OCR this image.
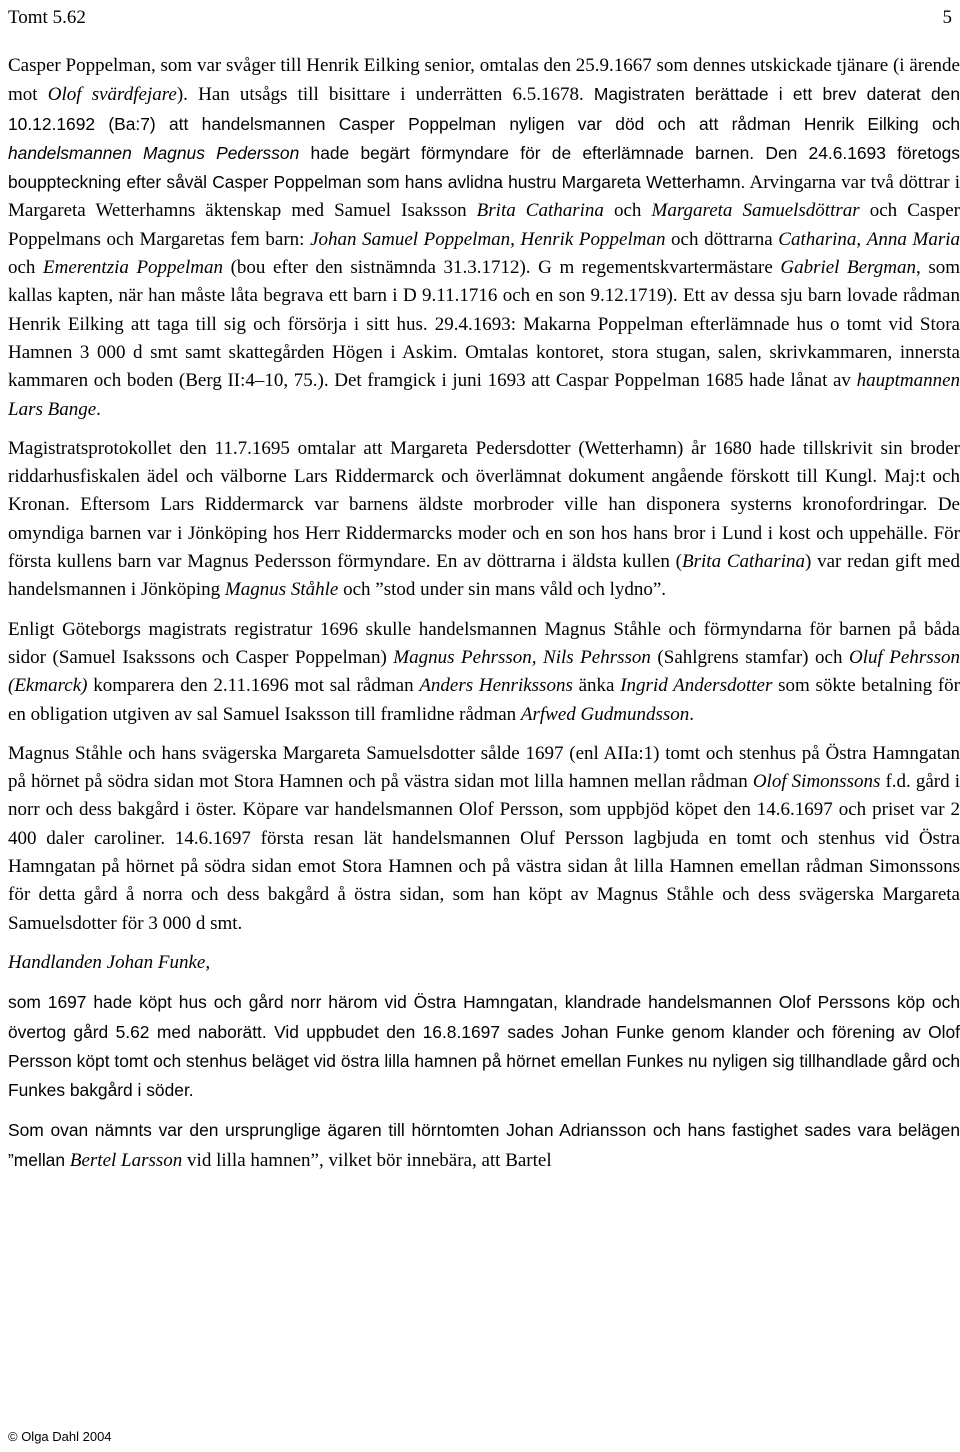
Tomt 5.62	5

Casper Poppelman, som var svåger till Henrik Eilking senior, omtalas den 25.9.1667 som dennes utskickade tjänare (i ärende mot Olof svärdfejare). Han utsågs till bisittare i underrätten 6.5.1678. Magistraten berättade i ett brev daterat den 10.12.1692 (Ba:7) att handelsmannen Casper Poppelman nyligen var död och att rådman Henrik Eilking och handelsmannen Magnus Pedersson hade begärt förmyndare för de efterlämnade barnen. Den 24.6.1693 företogs bouppteckning efter såväl Casper Poppelman som hans avlidna hustru Margareta Wetterhamn. Arvingarna var två döttrar i Margareta Wetterhamns äktenskap med Samuel Isaksson Brita Catharina och Margareta Samuelsdöttrar och Casper Poppelmans och Margaretas fem barn: Johan Samuel Poppelman, Henrik Poppelman och döttrarna Catharina, Anna Maria och Emerentzia Poppelman (bou efter den sistnämnda 31.3.1712). G m regementskvartermästare Gabriel Bergman, som kallas kapten, när han måste låta begrava ett barn i D 9.11.1716 och en son 9.12.1719). Ett av dessa sju barn lovade rådman Henrik Eilking att taga till sig och försörja i sitt hus. 29.4.1693: Makarna Poppelman efterlämnade hus o tomt vid Stora Hamnen 3 000 d smt samt skattegården Högen i Askim. Omtalas kontoret, stora stugan, salen, skrivkammaren, innersta kammaren och boden (Berg II:4–10, 75.). Det framgick i juni 1693 att Caspar Poppelman 1685 hade lånat av hauptmannen Lars Bange.

Magistratsprotokollet den 11.7.1695 omtalar att Margareta Pedersdotter (Wetterhamn) år 1680 hade tillskrivit sin broder riddarhusfiskalen ädel och välborne Lars Riddermarck och överlämnat dokument angående förskott till Kungl. Maj:t och Kronan. Eftersom Lars Riddermarck var barnens äldste morbroder ville han disponera systerns kronofordringar. De omyndiga barnen var i Jönköping hos Herr Riddermarcks moder och en son hos hans bror i Lund i kost och uppehälle. För första kullens barn var Magnus Pedersson förmyndare. En av döttrarna i äldsta kullen (Brita Catharina) var redan gift med handelsmannen i Jönköping Magnus Ståhle och ”stod under sin mans våld och lydno”.

Enligt Göteborgs magistrats registratur 1696 skulle handelsmannen Magnus Ståhle och förmyndarna för barnen på båda sidor (Samuel Isakssons och Casper Poppelman) Magnus Pehrsson, Nils Pehrsson (Sahlgrens stamfar) och Oluf Pehrsson (Ekmarck) komparera den 2.11.1696 mot sal rådman Anders Henrikssons änka Ingrid Andersdotter som sökte betalning för en obligation utgiven av sal Samuel Isaksson till framlidne rådman Arfwed Gudmundsson.

Magnus Ståhle och hans svägerska Margareta Samuelsdotter sålde 1697 (enl AIIa:1) tomt och stenhus på Östra Hamngatan på hörnet på södra sidan mot Stora Hamnen och på västra sidan mot lilla hamnen mellan rådman Olof Simonssons f.d. gård i norr och dess bakgård i öster. Köpare var handelsmannen Olof Persson, som uppbjöd köpet den 14.6.1697 och priset var 2 400 daler caroliner. 14.6.1697 första resan lät handelsmannen Oluf Persson lagbjuda en tomt och stenhus vid Östra Hamngatan på hörnet på södra sidan emot Stora Hamnen och på västra sidan åt lilla Hamnen emellan rådman Simonssons för detta gård å norra och dess bakgård å östra sidan, som han köpt av Magnus Ståhle och dess svägerska Margareta Samuelsdotter för 3 000 d smt.

Handlanden Johan Funke,

som 1697 hade köpt hus och gård norr härom vid Östra Hamngatan, klandrade handelsmannen Olof Perssons köp och övertog gård 5.62 med naborätt. Vid uppbudet den 16.8.1697 sades Johan Funke genom klander och förening av Olof Persson köpt tomt och stenhus beläget vid östra lilla hamnen på hörnet emellan Funkes nu nyligen sig tillhandlade gård och Funkes bakgård i söder.

Som ovan nämnts var den ursprunglige ägaren till hörntomten Johan Adriansson och hans fastighet sades vara belägen ”mellan Bertel Larsson vid lilla hamnen”, vilket bör innebära, att Bartel

© Olga Dahl 2004
